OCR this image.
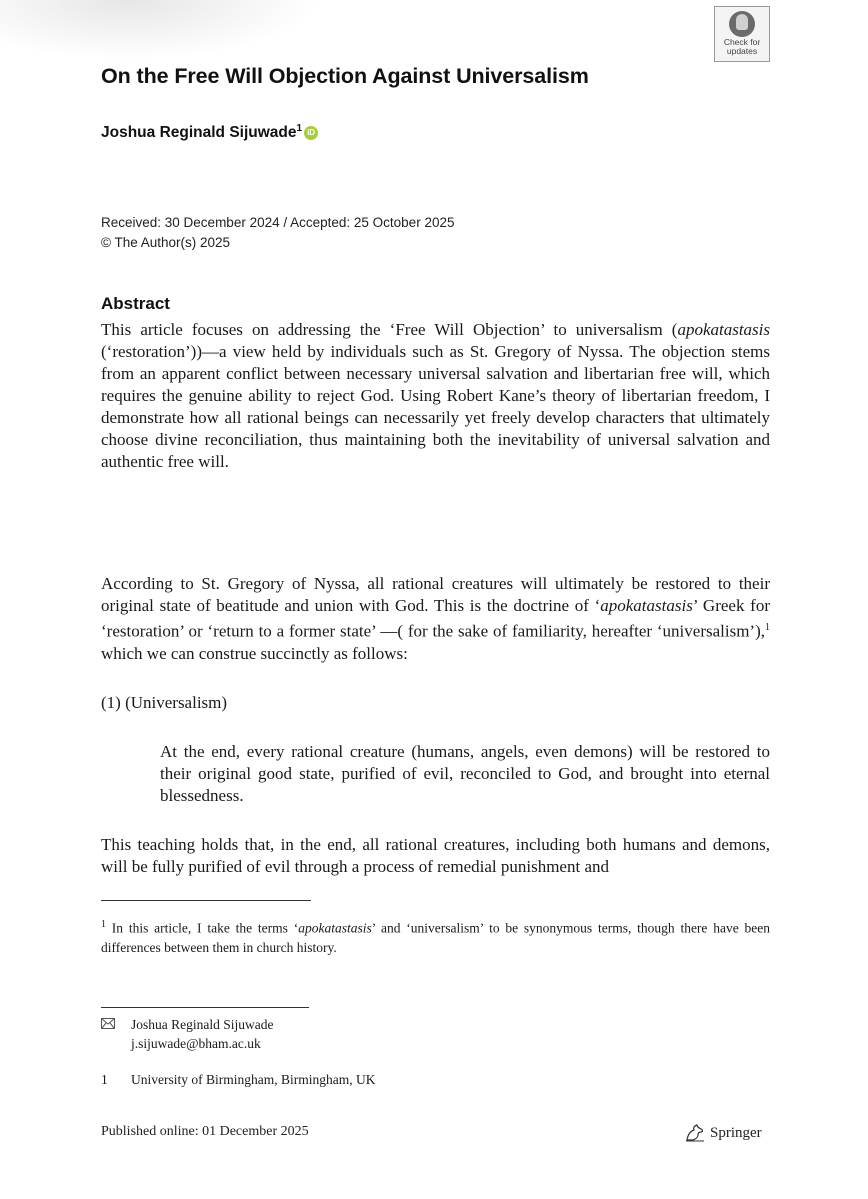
Check for updates
On the Free Will Objection Against Universalism
Joshua Reginald Sijuwade$^1$ iD
Received: 30 December 2024 / Accepted: 25 October 2025
© The Author(s) 2025
Abstract
This article focuses on addressing the ‘Free Will Objection’ to universalism (apokatastasis (‘restoration’))—a view held by individuals such as St. Gregory of Nyssa. The objection stems from an apparent conflict between necessary universal salvation and libertarian free will, which requires the genuine ability to reject God. Using Robert Kane’s theory of libertarian freedom, I demonstrate how all rational beings can necessarily yet freely develop characters that ultimately choose divine reconciliation, thus maintaining both the inevitability of universal salvation and authentic free will.
According to St. Gregory of Nyssa, all rational creatures will ultimately be restored to their original state of beatitude and union with God. This is the doctrine of ‘apokatastasis’ Greek for ‘restoration’ or ‘return to a former state’ —( for the sake of familiarity, hereafter ‘universalism’),$^1$ which we can construe succinctly as follows:
(1) (Universalism)
At the end, every rational creature (humans, angels, even demons) will be restored to their original good state, purified of evil, reconciled to God, and brought into eternal blessedness.
This teaching holds that, in the end, all rational creatures, including both humans and demons, will be fully purified of evil through a process of remedial punishment and
$^1$ In this article, I take the terms ‘apokatastasis’ and ‘universalism’ to be synonymous terms, though there have been differences between them in church history.
Joshua Reginald Sijuwade
j.sijuwade@bham.ac.uk
1	University of Birmingham, Birmingham, UK
Published online: 01 December 2025	Springer
